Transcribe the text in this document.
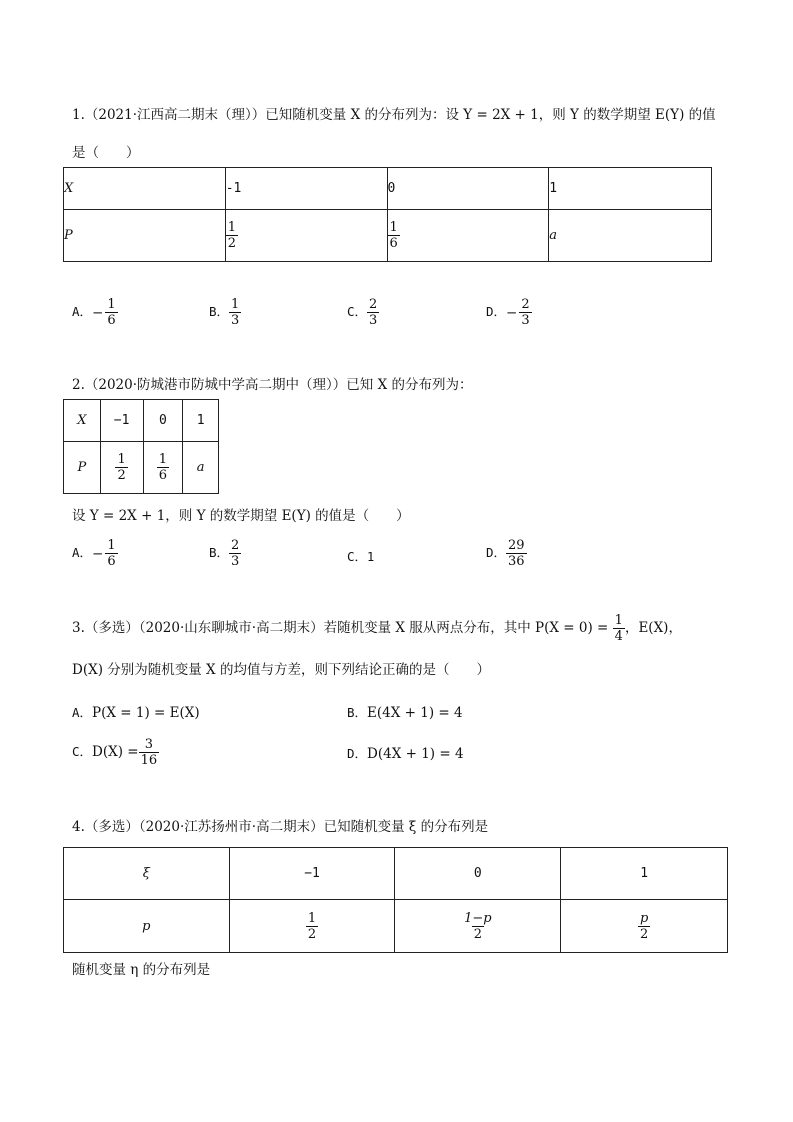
1.（2021·江西高二期末（理））已知随机变量 X 的分布列为：设 Y = 2X + 1，则 Y 的数学期望 E(Y) 的值
是（　　）
X	-1	0	1
P	$\frac{1}{2}$	$\frac{1}{6}$	a
A．− $\frac{1}{6}$	B． $\frac{1}{3}$	C． $\frac{2}{3}$	D．− $\frac{2}{3}$
2.（2020·防城港市防城中学高二期中（理））已知 X 的分布列为：
X	−1	0	1
P	$\frac{1}{2}$	$\frac{1}{6}$	a
设 Y = 2X + 1，则 Y 的数学期望 E(Y) 的值是（　　）
A．− $\frac{1}{6}$	B． $\frac{2}{3}$	C．1	D． $\frac{29}{36}$
3.（多选）（2020·山东聊城市·高二期末）若随机变量 X 服从两点分布，其中 $P(X = 0) = \frac{1}{4}$ ，E(X)，
D(X) 分别为随机变量 X 的均值与方差，则下列结论正确的是（　　）
A．P(X = 1) = E(X)	B．E(4X + 1) = 4
C．$D(X) = \frac{3}{16}$	D．D(4X + 1) = 4
4.（多选）（2020·江苏扬州市·高二期末）已知随机变量 ξ 的分布列是
ξ	−1	0	1
p	$\frac{1}{2}$	$\frac{1-p}{2}$	$\frac{p}{2}$
随机变量 η 的分布列是
